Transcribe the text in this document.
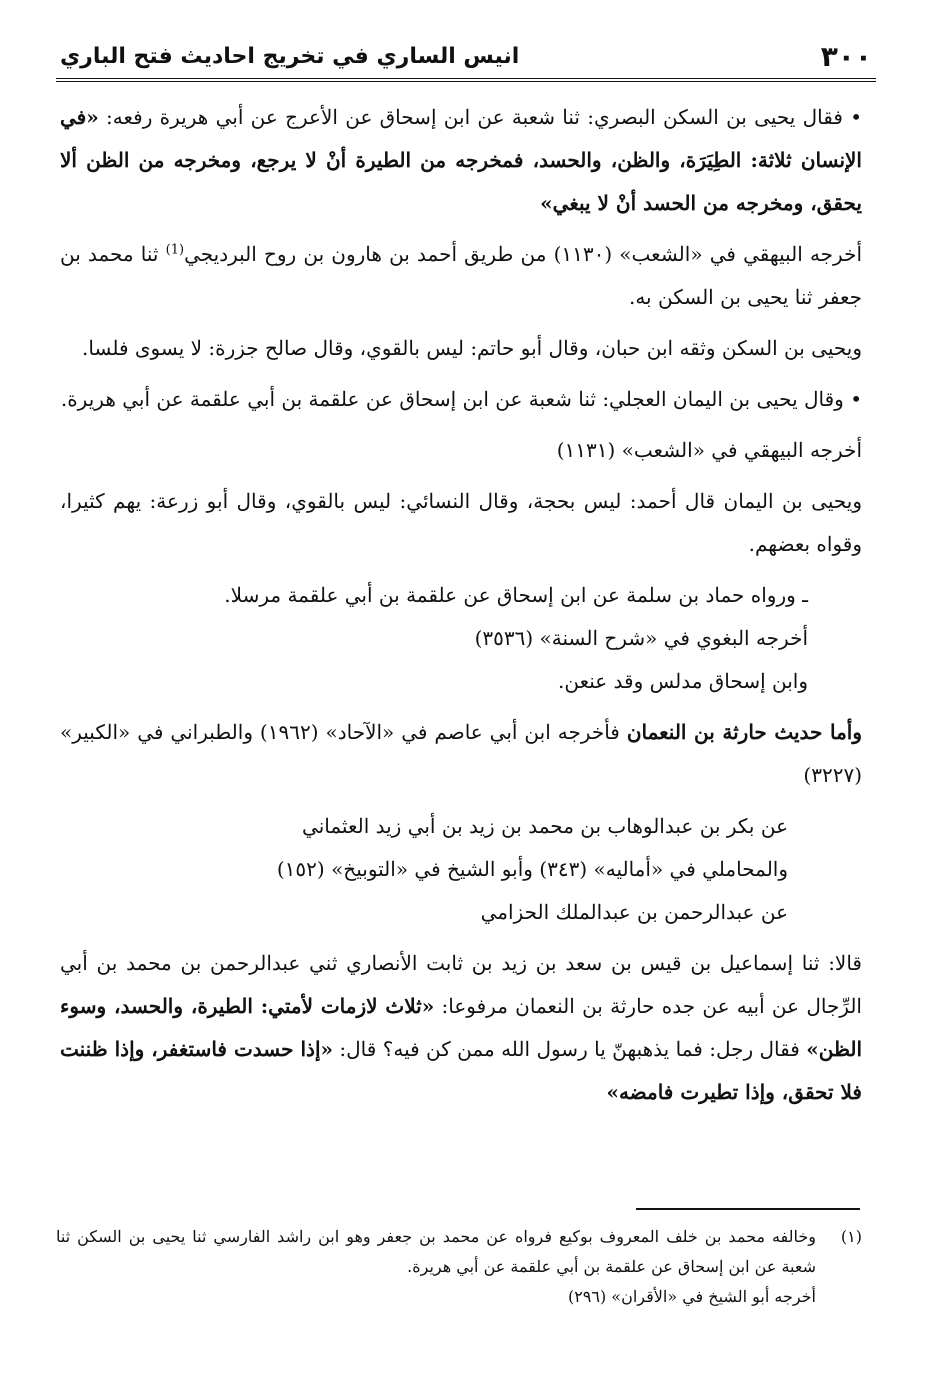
٣٠٠
انيس الساري في تخريج احاديث فتح الباري

• فقال يحيى بن السكن البصري: ثنا شعبة عن ابن إسحاق عن الأعرج عن أبي هريرة رفعه: «في الإنسان ثلاثة: الطِيَرَة، والظن، والحسد، فمخرجه من الطيرة أنْ لا يرجع، ومخرجه من الظن ألا يحقق، ومخرجه من الحسد أنْ لا يبغي»

أخرجه البيهقي في «الشعب» (١١٣٠) من طريق أحمد بن هارون بن روح البرديجي$^{(1)}$ ثنا محمد بن جعفر ثنا يحيى بن السكن به.

ويحيى بن السكن وثقه ابن حبان، وقال أبو حاتم: ليس بالقوي، وقال صالح جزرة: لا يسوى فلسا.

• وقال يحيى بن اليمان العجلي: ثنا شعبة عن ابن إسحاق عن علقمة بن أبي علقمة عن أبي هريرة.

أخرجه البيهقي في «الشعب» (١١٣١)

ويحيى بن اليمان قال أحمد: ليس بحجة، وقال النسائي: ليس بالقوي، وقال أبو زرعة: يهم كثيرا، وقواه بعضهم.

ـ ورواه حماد بن سلمة عن ابن إسحاق عن علقمة بن أبي علقمة مرسلا.

أخرجه البغوي في «شرح السنة» (٣٥٣٦)

وابن إسحاق مدلس وقد عنعن.

وأما حديث حارثة بن النعمان فأخرجه ابن أبي عاصم في «الآحاد» (١٩٦٢) والطبراني في «الكبير» (٣٢٢٧)

عن بكر بن عبدالوهاب بن محمد بن زيد بن أبي زيد العثماني

والمحاملي في «أماليه» (٣٤٣) وأبو الشيخ في «التوبيخ» (١٥٢)

عن عبدالرحمن بن عبدالملك الحزامي

قالا: ثنا إسماعيل بن قيس بن سعد بن زيد بن ثابت الأنصاري ثني عبدالرحمن بن محمد بن أبي الرِّجال عن أبيه عن جده حارثة بن النعمان مرفوعا: «ثلاث لازمات لأمتي: الطيرة، والحسد، وسوء الظن» فقال رجل: فما يذهبهنّ يا رسول الله ممن كن فيه؟ قال: «إذا حسدت فاستغفر، وإذا ظننت فلا تحقق، وإذا تطيرت فامضه»

(١)
وخالفه محمد بن خلف المعروف بوكيع فرواه عن محمد بن جعفر وهو ابن راشد الفارسي ثنا يحيى بن السكن ثنا شعبة عن ابن إسحاق عن علقمة بن أبي علقمة عن أبي هريرة.
أخرجه أبو الشيخ في «الأقران» (٢٩٦)
